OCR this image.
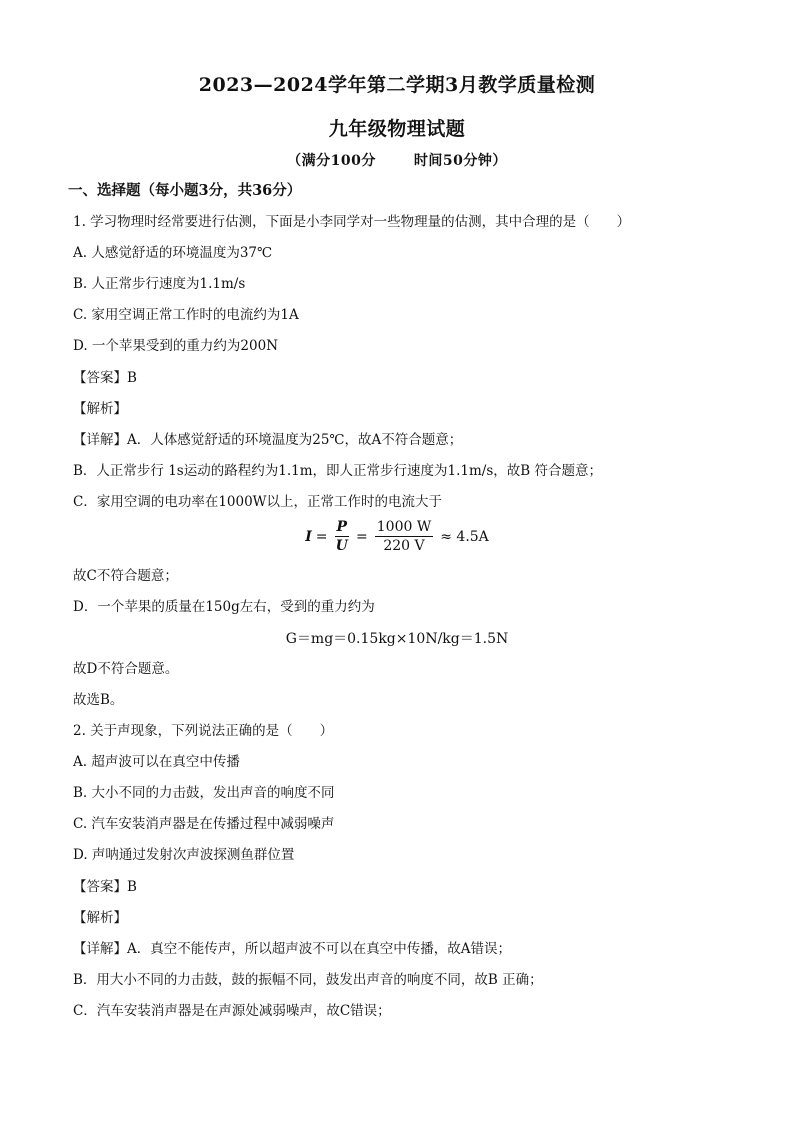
2023—2024学年第二学期3月教学质量检测
九年级物理试题
（满分100分	时间50分钟）
一、选择题（每小题3分，共36分）
1. 学习物理时经常要进行估测，下面是小李同学对一些物理量的估测，其中合理的是（　　）
A. 人感觉舒适的环境温度为37℃
B. 人正常步行速度为1.1m/s
C. 家用空调正常工作时的电流约为1A
D. 一个苹果受到的重力约为200N
【答案】B
【解析】
【详解】A．人体感觉舒适的环境温度为25℃，故A不符合题意；
B．人正常步行 1s运动的路程约为1.1m，即人正常步行速度为1.1m/s，故B 符合题意；
C．家用空调的电功率在1000W以上，正常工作时的电流大于
$I = \frac{P}{U} = \frac{1000 W}{220 V} \approx 4.5A$
故C不符合题意；
D．一个苹果的质量在150g左右，受到的重力约为
G＝mg＝0.15kg×10N/kg＝1.5N
故D不符合题意。
故选B。
2. 关于声现象，下列说法正确的是（　　）
A. 超声波可以在真空中传播
B. 大小不同的力击鼓，发出声音的响度不同
C. 汽车安装消声器是在传播过程中减弱噪声
D. 声呐通过发射次声波探测鱼群位置
【答案】B
【解析】
【详解】A．真空不能传声，所以超声波不可以在真空中传播，故A错误；
B．用大小不同的力击鼓，鼓的振幅不同，鼓发出声音的响度不同，故B 正确；
C．汽车安装消声器是在声源处减弱噪声，故C错误；
